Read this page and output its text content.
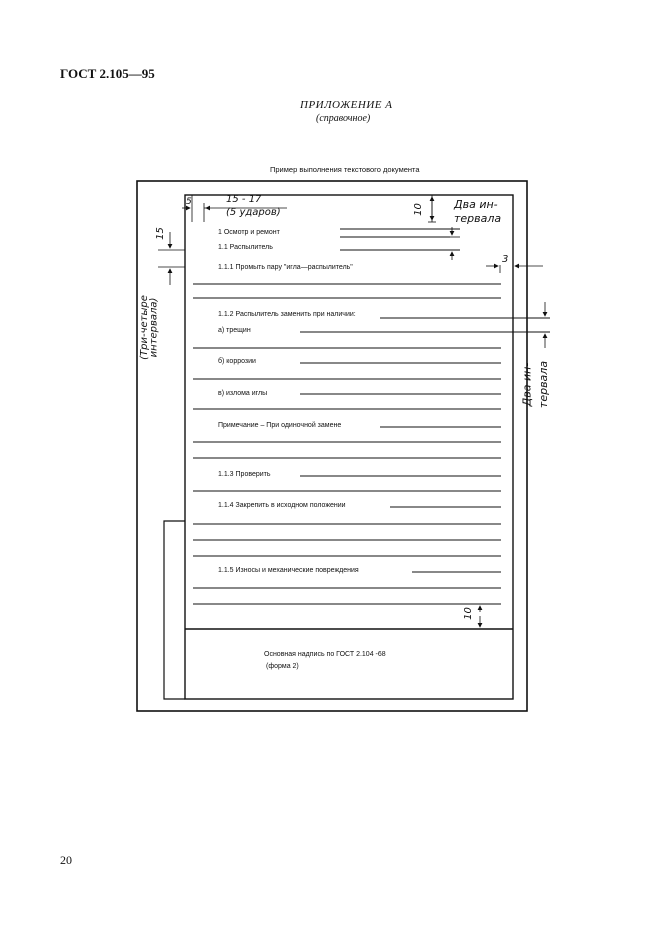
ГОСТ 2.105—95
ПРИЛОЖЕНИЕ А
(справочное)
Пример выполнения текстового документа
5	15 - 17
(5 ударов)
15
10
3
10
(Три-четыре
интервала)
Два ин-
тервала
Два ин- тервала
1 Осмотр и ремонт
1.1 Распылитель
1.1.1 Промыть пару "игла—распылитель"
1.1.2 Распылитель заменить при наличии:
а) трещин
б) коррозии
в) излома иглы
Примечание – При одиночной замене
1.1.3 Проверить
1.1.4 Закрепить в исходном положении
1.1.5 Износы и механические повреждения
Основная надпись по ГОСТ 2.104 -68
(форма 2)
20
